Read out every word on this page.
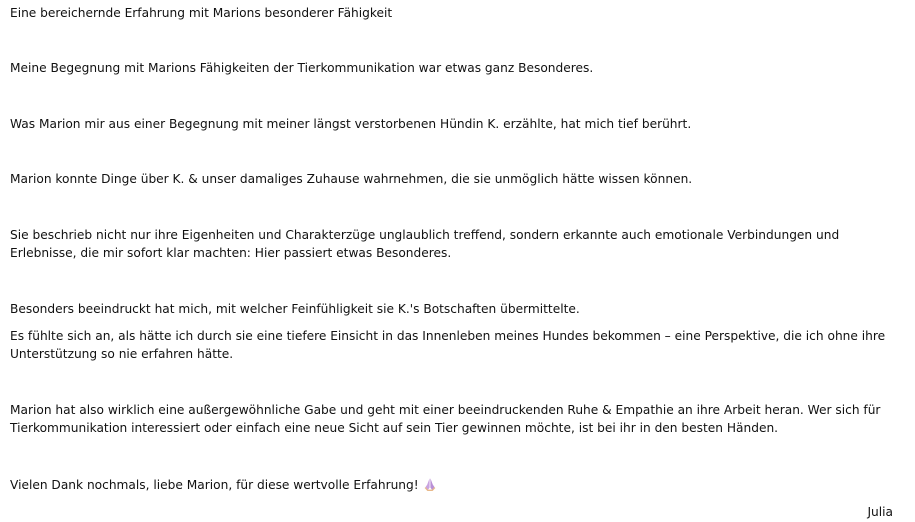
Eine bereichernde Erfahrung mit Marions besonderer Fähigkeit

Meine Begegnung mit Marions Fähigkeiten der Tierkommunikation war etwas ganz Besonderes.

Was Marion mir aus einer Begegnung mit meiner längst verstorbenen Hündin K. erzählte, hat mich tief berührt.

Marion konnte Dinge über K. & unser damaliges Zuhause wahrnehmen, die sie unmöglich hätte wissen können.

Sie beschrieb nicht nur ihre Eigenheiten und Charakterzüge unglaublich treffend, sondern erkannte auch emotionale Verbindungen und Erlebnisse, die mir sofort klar machten: Hier passiert etwas Besonderes.

Besonders beeindruckt hat mich, mit welcher Feinfühligkeit sie K.'s Botschaften übermittelte.

Es fühlte sich an, als hätte ich durch sie eine tiefere Einsicht in das Innenleben meines Hundes bekommen – eine Perspektive, die ich ohne ihre Unterstützung so nie erfahren hätte.

Marion hat also wirklich eine außergewöhnliche Gabe und geht mit einer beeindruckenden Ruhe & Empathie an ihre Arbeit heran. Wer sich für Tierkommunikation interessiert oder einfach eine neue Sicht auf sein Tier gewinnen möchte, ist bei ihr in den besten Händen.

Vielen Dank nochmals, liebe Marion, für diese wertvolle Erfahrung!

Julia
